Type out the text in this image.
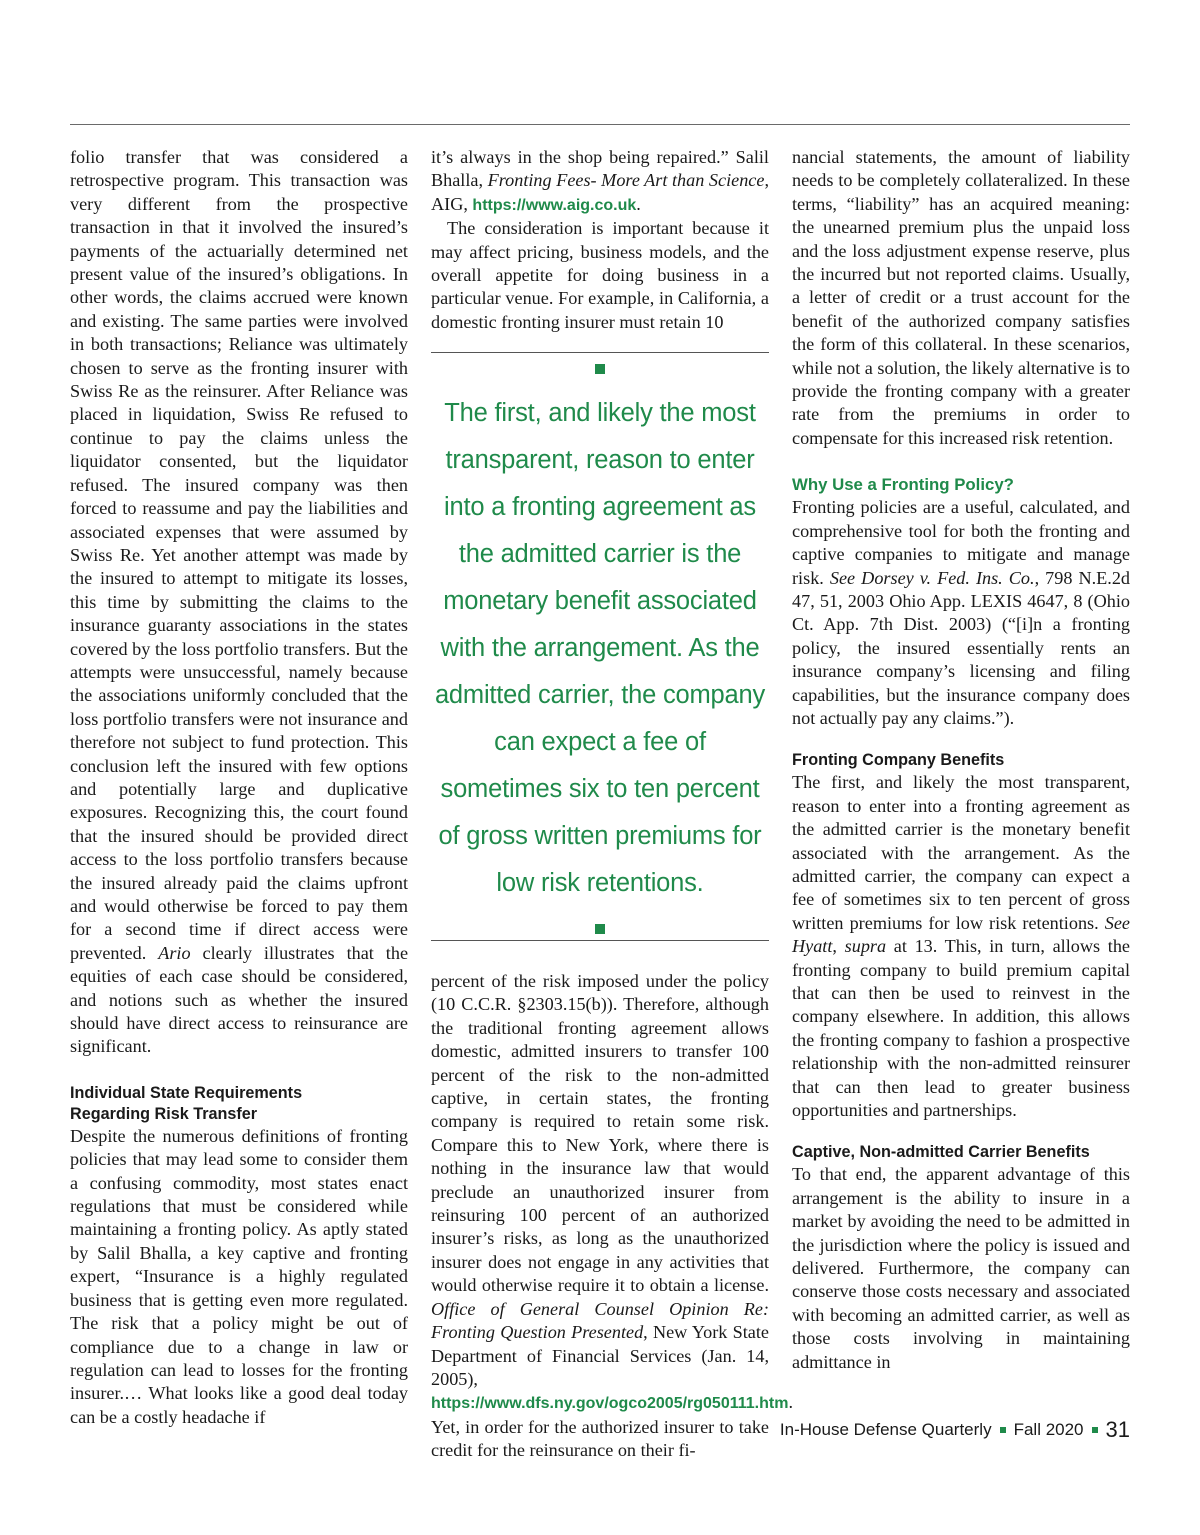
folio transfer that was considered a retrospective program. This transaction was very different from the prospective transaction in that it involved the insured’s payments of the actuarially determined net present value of the insured’s obligations. In other words, the claims accrued were known and existing. The same parties were involved in both transactions; Reliance was ultimately chosen to serve as the fronting insurer with Swiss Re as the reinsurer. After Reliance was placed in liquidation, Swiss Re refused to continue to pay the claims unless the liquidator consented, but the liquidator refused. The insured company was then forced to reassume and pay the liabilities and associated expenses that were assumed by Swiss Re. Yet another attempt was made by the insured to attempt to mitigate its losses, this time by submitting the claims to the insurance guaranty associations in the states covered by the loss portfolio transfers. But the attempts were unsuccessful, namely because the associations uniformly concluded that the loss portfolio transfers were not insurance and therefore not subject to fund protection. This conclusion left the insured with few options and potentially large and duplicative exposures. Recognizing this, the court found that the insured should be provided direct access to the loss portfolio transfers because the insured already paid the claims upfront and would otherwise be forced to pay them for a second time if direct access were prevented. Ario clearly illustrates that the equities of each case should be considered, and notions such as whether the insured should have direct access to reinsurance are significant.

Individual State Requirements
Regarding Risk Transfer

Despite the numerous definitions of fronting policies that may lead some to consider them a confusing commodity, most states enact regulations that must be considered while maintaining a fronting policy. As aptly stated by Salil Bhalla, a key captive and fronting expert, “Insurance is a highly regulated business that is getting even more regulated. The risk that a policy might be out of compliance due to a change in law or regulation can lead to losses for the fronting insurer.… What looks like a good deal today can be a costly headache if

it’s always in the shop being repaired.” Salil Bhalla, Fronting Fees- More Art than Science, AIG, https://www.aig.co.uk.

The consideration is important because it may affect pricing, business models, and the overall appetite for doing business in a particular venue. For example, in California, a domestic fronting insurer must retain 10

The first, and likely the most transparent, reason to enter into a fronting agreement as the admitted carrier is the monetary benefit associated with the arrangement. As the admitted carrier, the company can expect a fee of sometimes six to ten percent of gross written premiums for low risk retentions.

percent of the risk imposed under the policy (10 C.C.R. §2303.15(b)). Therefore, although the traditional fronting agreement allows domestic, admitted insurers to transfer 100 percent of the risk to the non-admitted captive, in certain states, the fronting company is required to retain some risk. Compare this to New York, where there is nothing in the insurance law that would preclude an unauthorized insurer from reinsuring 100 percent of an authorized insurer’s risks, as long as the unauthorized insurer does not engage in any activities that would otherwise require it to obtain a license. Office of General Counsel Opinion Re: Fronting Question Presented, New York State Department of Financial Services (Jan. 14, 2005), https://www.dfs.ny.gov/ogco2005/rg050111.htm. Yet, in order for the authorized insurer to take credit for the reinsurance on their fi-

nancial statements, the amount of liability needs to be completely collateralized. In these terms, “liability” has an acquired meaning: the unearned premium plus the unpaid loss and the loss adjustment expense reserve, plus the incurred but not reported claims. Usually, a letter of credit or a trust account for the benefit of the authorized company satisfies the form of this collateral. In these scenarios, while not a solution, the likely alternative is to provide the fronting company with a greater rate from the premiums in order to compensate for this increased risk retention.

Why Use a Fronting Policy?

Fronting policies are a useful, calculated, and comprehensive tool for both the fronting and captive companies to mitigate and manage risk. See Dorsey v. Fed. Ins. Co., 798 N.E.2d 47, 51, 2003 Ohio App. LEXIS 4647, 8 (Ohio Ct. App. 7th Dist. 2003) (“[i]n a fronting policy, the insured essentially rents an insurance company’s licensing and filing capabilities, but the insurance company does not actually pay any claims.”).

Fronting Company Benefits

The first, and likely the most transparent, reason to enter into a fronting agreement as the admitted carrier is the monetary benefit associated with the arrangement. As the admitted carrier, the company can expect a fee of sometimes six to ten percent of gross written premiums for low risk retentions. See Hyatt, supra at 13. This, in turn, allows the fronting company to build premium capital that can then be used to reinvest in the company elsewhere. In addition, this allows the fronting company to fashion a prospective relationship with the non-admitted reinsurer that can then lead to greater business opportunities and partnerships.

Captive, Non-admitted Carrier Benefits

To that end, the apparent advantage of this arrangement is the ability to insure in a market by avoiding the need to be admitted in the jurisdiction where the policy is issued and delivered. Furthermore, the company can conserve those costs necessary and associated with becoming an admitted carrier, as well as those costs involving in maintaining admittance in

In-House Defense Quarterly Fall 2020 31
